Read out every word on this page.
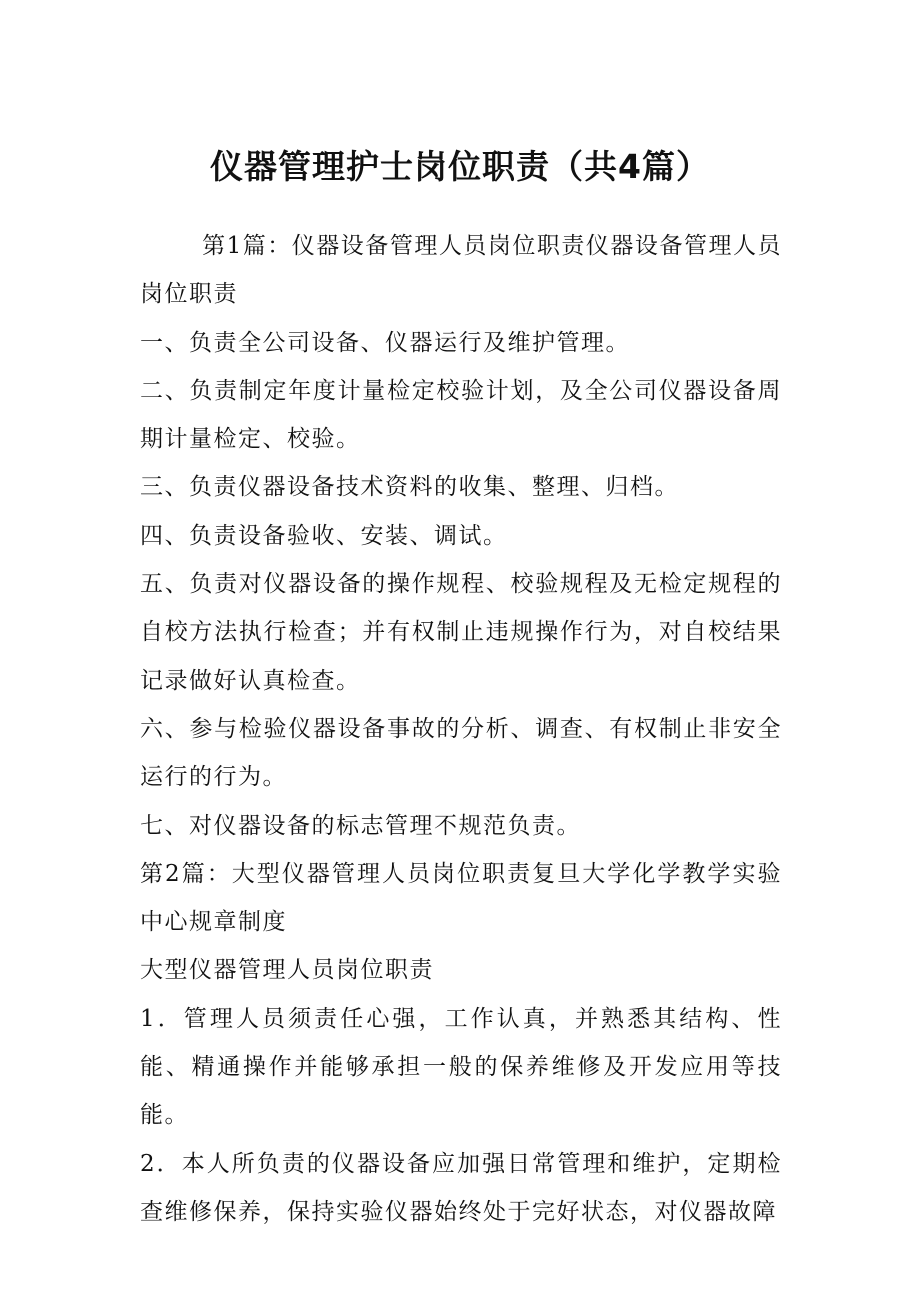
仪器管理护士岗位职责（共4篇）

第1篇：仪器设备管理人员岗位职责仪器设备管理人员岗位职责

一、负责全公司设备、仪器运行及维护管理。

二、负责制定年度计量检定校验计划，及全公司仪器设备周期计量检定、校验。

三、负责仪器设备技术资料的收集、整理、归档。

四、负责设备验收、安装、调试。

五、负责对仪器设备的操作规程、校验规程及无检定规程的自校方法执行检查；并有权制止违规操作行为，对自校结果记录做好认真检查。

六、参与检验仪器设备事故的分析、调查、有权制止非安全运行的行为。

七、对仪器设备的标志管理不规范负责。

第2篇：大型仪器管理人员岗位职责复旦大学化学教学实验中心规章制度

大型仪器管理人员岗位职责

1．管理人员须责任心强，工作认真，并熟悉其结构、性能、精通操作并能够承担一般的保养维修及开发应用等技能。

2．本人所负责的仪器设备应加强日常管理和维护，定期检查维修保养，保持实验仪器始终处于完好状态，对仪器故障
